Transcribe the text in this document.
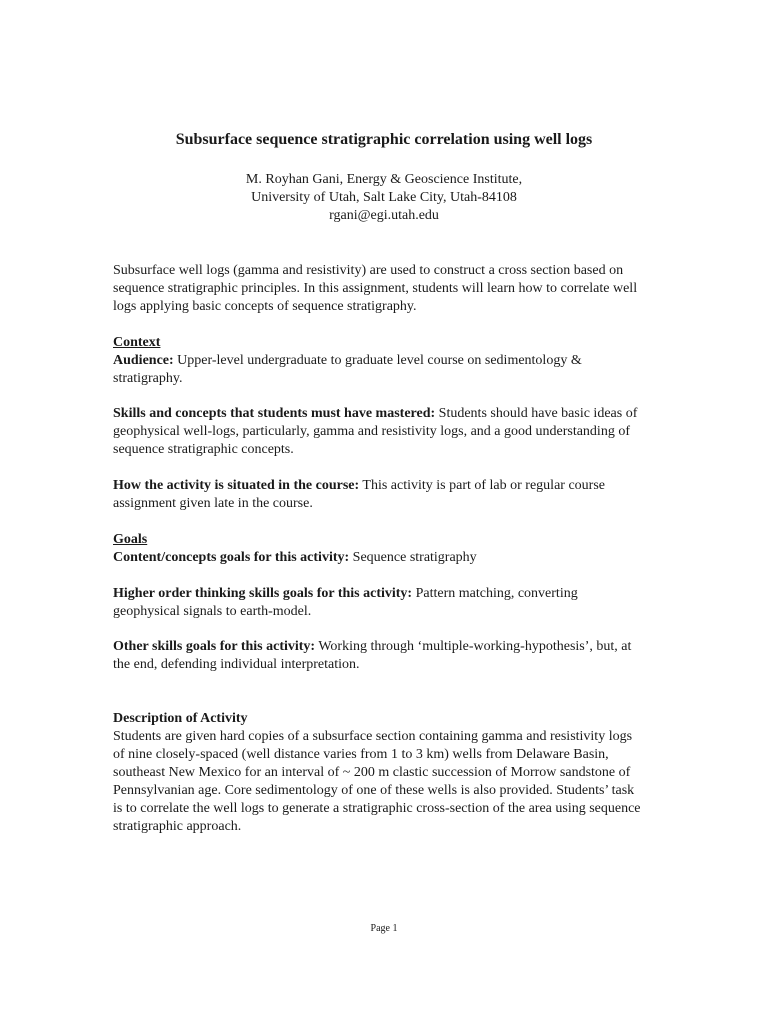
Subsurface sequence stratigraphic correlation using well logs
M. Royhan Gani, Energy & Geoscience Institute,
University of Utah, Salt Lake City, Utah-84108
rgani@egi.utah.edu

Subsurface well logs (gamma and resistivity) are used to construct a cross section based on sequence stratigraphic principles. In this assignment, students will learn how to correlate well logs applying basic concepts of sequence stratigraphy.

Context

Audience: Upper-level undergraduate to graduate level course on sedimentology & stratigraphy.

Skills and concepts that students must have mastered: Students should have basic ideas of geophysical well-logs, particularly, gamma and resistivity logs, and a good understanding of sequence stratigraphic concepts.

How the activity is situated in the course: This activity is part of lab or regular course assignment given late in the course.

Goals

Content/concepts goals for this activity: Sequence stratigraphy

Higher order thinking skills goals for this activity: Pattern matching, converting geophysical signals to earth-model.

Other skills goals for this activity: Working through ‘multiple-working-hypothesis’, but, at the end, defending individual interpretation.

Description of Activity

Students are given hard copies of a subsurface section containing gamma and resistivity logs of nine closely-spaced (well distance varies from 1 to 3 km) wells from Delaware Basin, southeast New Mexico for an interval of ~ 200 m clastic succession of Morrow sandstone of Pennsylvanian age. Core sedimentology of one of these wells is also provided. Students’ task is to correlate the well logs to generate a stratigraphic cross-section of the area using sequence stratigraphic approach.

Page 1
